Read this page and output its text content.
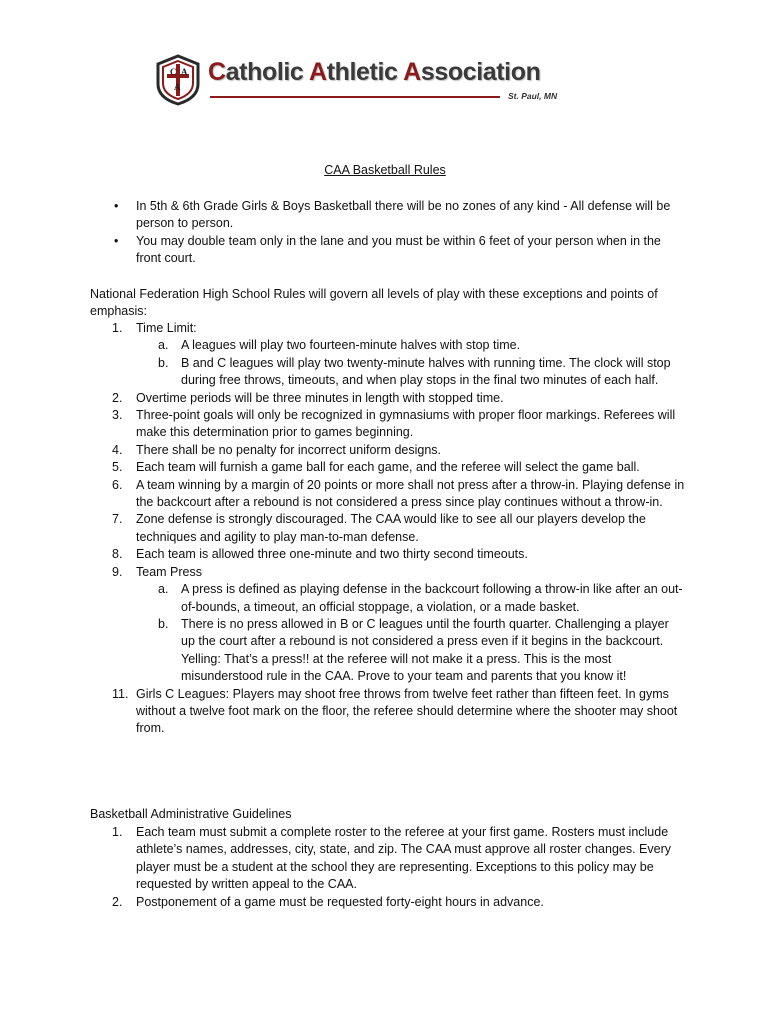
C A
A
Catholic Athletic Association
St. Paul, MN
CAA Basketball Rules
• In 5th & 6th Grade Girls & Boys Basketball there will be no zones of any kind - All defense will be person to person.
• You may double team only in the lane and you must be within 6 feet of your person when in the front court.

National Federation High School Rules will govern all levels of play with these exceptions and points of emphasis:

1. Time Limit:
a. A leagues will play two fourteen-minute halves with stop time.
b. B and C leagues will play two twenty-minute halves with running time. The clock will stop during free throws, timeouts, and when play stops in the final two minutes of each half.
2. Overtime periods will be three minutes in length with stopped time.
3. Three-point goals will only be recognized in gymnasiums with proper floor markings. Referees will make this determination prior to games beginning.
4. There shall be no penalty for incorrect uniform designs.
5. Each team will furnish a game ball for each game, and the referee will select the game ball.
6. A team winning by a margin of 20 points or more shall not press after a throw-in. Playing defense in the backcourt after a rebound is not considered a press since play continues without a throw-in.
7. Zone defense is strongly discouraged. The CAA would like to see all our players develop the techniques and agility to play man-to-man defense.
8. Each team is allowed three one-minute and two thirty second timeouts.
9. Team Press
a. A press is defined as playing defense in the backcourt following a throw-in like after an out-of-bounds, a timeout, an official stoppage, a violation, or a made basket.
b. There is no press allowed in B or C leagues until the fourth quarter. Challenging a player up the court after a rebound is not considered a press even if it begins in the backcourt. Yelling: That’s a press!! at the referee will not make it a press. This is the most misunderstood rule in the CAA. Prove to your team and parents that you know it!
11. Girls C Leagues: Players may shoot free throws from twelve feet rather than fifteen feet. In gyms without a twelve foot mark on the floor, the referee should determine where the shooter may shoot from.
Basketball Administrative Guidelines
1. Each team must submit a complete roster to the referee at your first game. Rosters must include athlete’s names, addresses, city, state, and zip. The CAA must approve all roster changes. Every player must be a student at the school they are representing. Exceptions to this policy may be requested by written appeal to the CAA.
2. Postponement of a game must be requested forty-eight hours in advance.
